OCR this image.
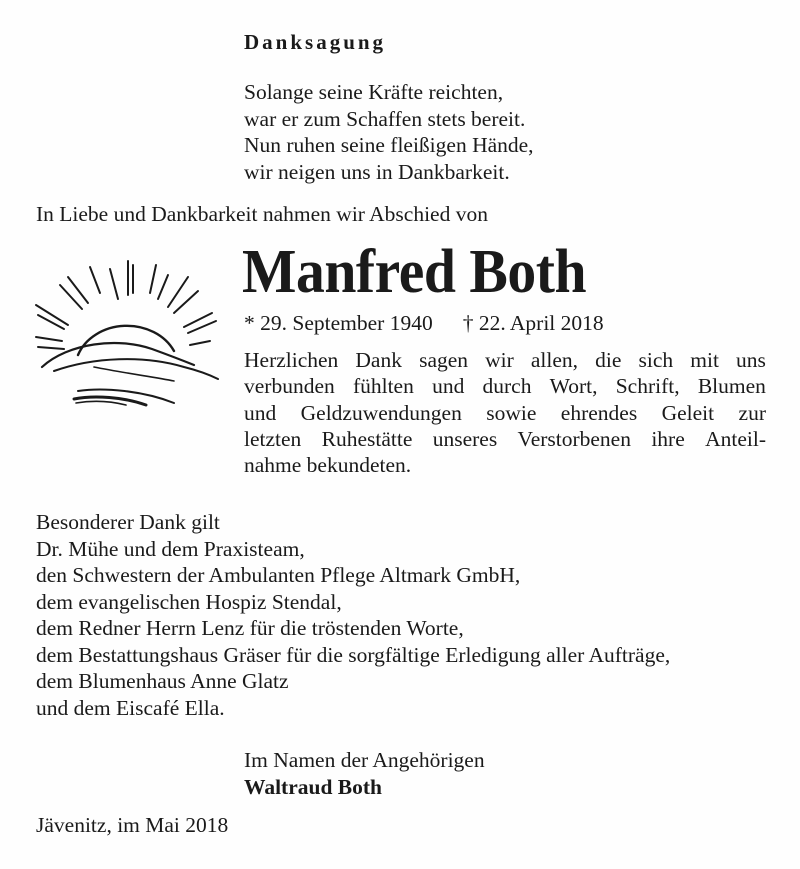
Danksagung
Solange seine Kräfte reichten,
war er zum Schaffen stets bereit.
Nun ruhen seine fleißigen Hände,
wir neigen uns in Dankbarkeit.
In Liebe und Dankbarkeit nahmen wir Abschied von
Manfred Both
* 29. September 1940 † 22. April 2018
Herzlichen Dank sagen wir allen, die sich mit uns
verbunden fühlten und durch Wort, Schrift, Blumen
und Geldzuwendungen sowie ehrendes Geleit zur
letzten Ruhestätte unseres Verstorbenen ihre Anteil-
nahme bekundeten.
Besonderer Dank gilt
Dr. Mühe und dem Praxisteam,
den Schwestern der Ambulanten Pflege Altmark GmbH,
dem evangelischen Hospiz Stendal,
dem Redner Herrn Lenz für die tröstenden Worte,
dem Bestattungshaus Gräser für die sorgfältige Erledigung aller Aufträge,
dem Blumenhaus Anne Glatz
und dem Eiscafé Ella.
Im Namen der Angehörigen
Waltraud Both
Jävenitz, im Mai 2018
